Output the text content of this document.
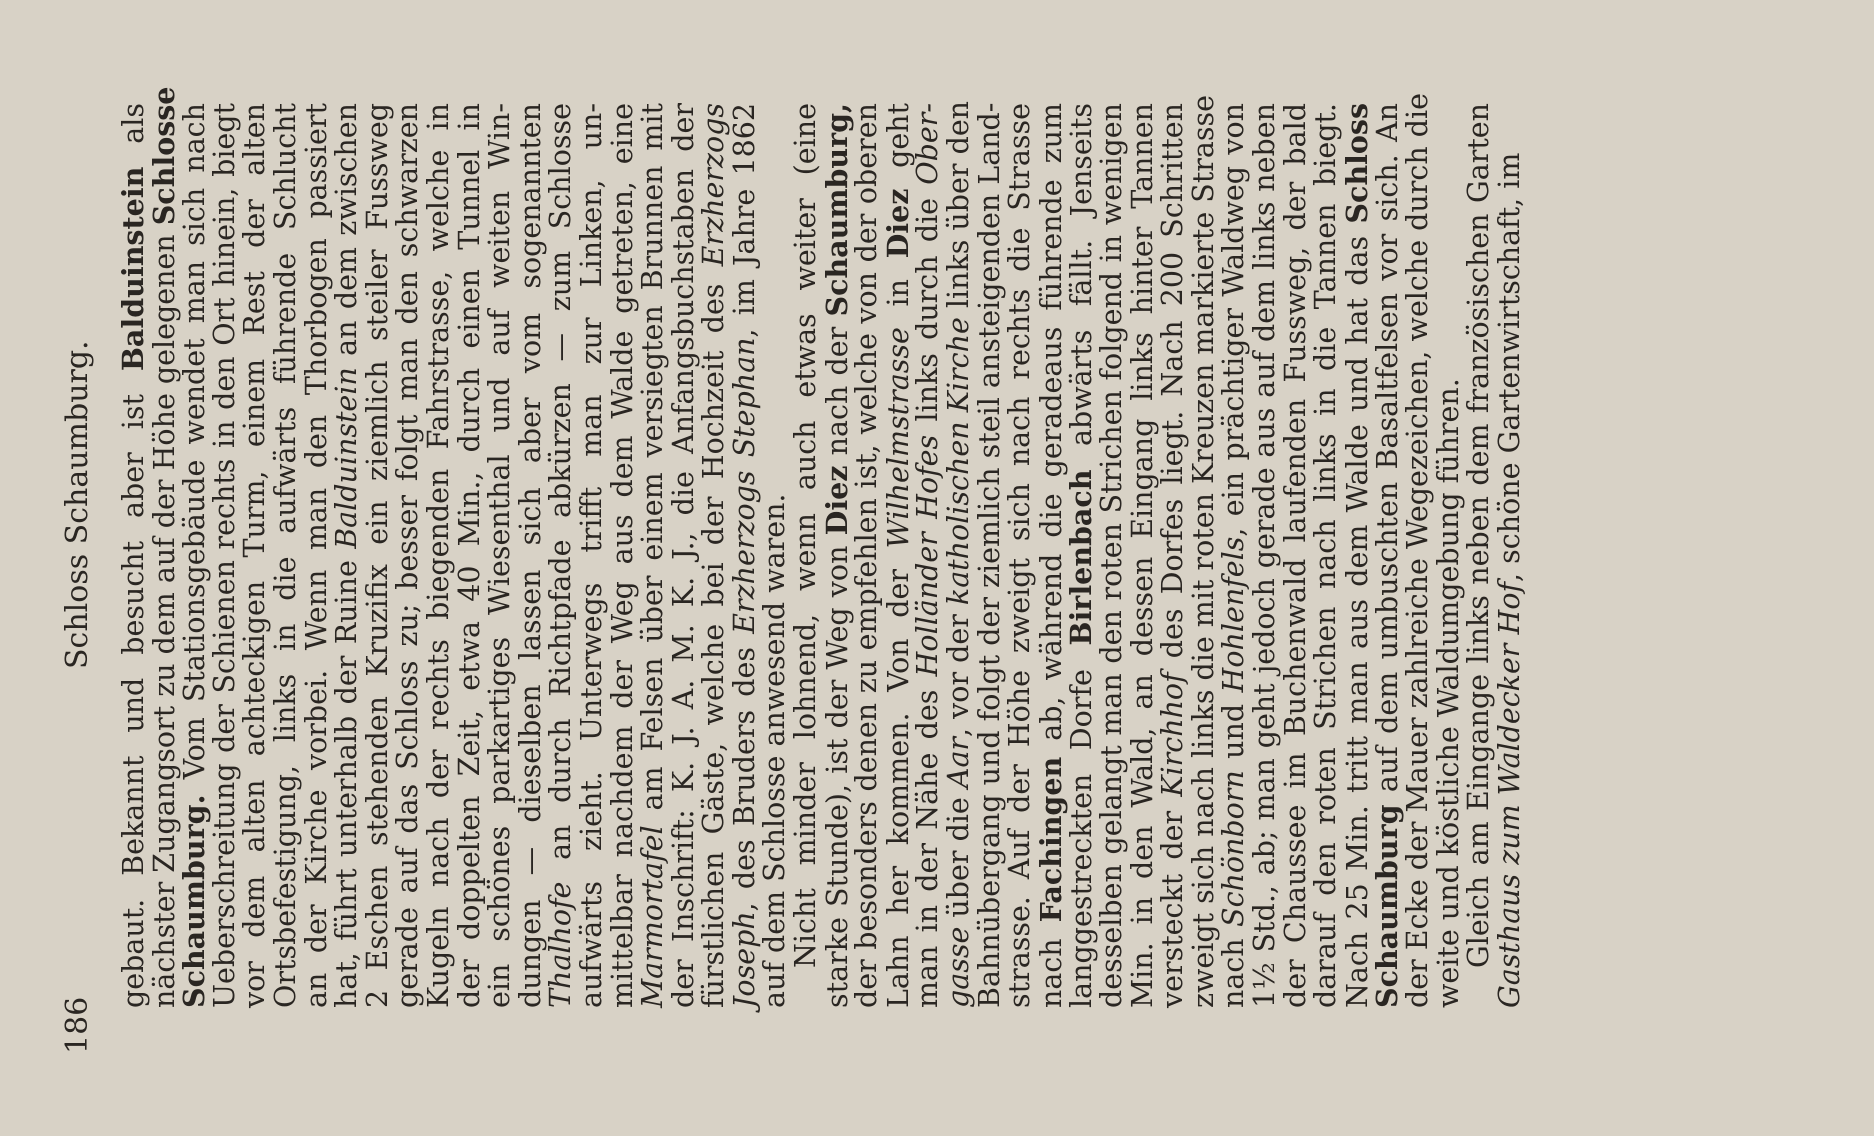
186
Schloss Schaumburg. gebaut. Bekannt und besucht aber ist Balduinstein als
nächster Zugangsort zu dem auf der Höhe gelegenen Schlosse
Schaumburg. Vom Stationsgebäude wendet man sich nach
Ueberschreitung der Schienen rechts in den Ort hinein, biegt
vor dem alten achteckigen Turm, einem Rest der alten
Ortsbefestigung, links in die aufwärts führende Schlucht
an der Kirche vorbei. Wenn man den Thorbogen passiert
hat, führt unterhalb der Ruine Balduinstein an dem zwischen
2 Eschen stehenden Kruzifix ein ziemlich steiler Fussweg
gerade auf das Schloss zu; besser folgt man den schwarzen
Kugeln nach der rechts biegenden Fahrstrasse, welche in
der doppelten Zeit, etwa 40 Min., durch einen Tunnel in
ein schönes parkartiges Wiesenthal und auf weiten Win-
dungen — dieselben lassen sich aber vom sogenannten
Thalhofe an durch Richtpfade abkürzen — zum Schlosse
aufwärts zieht. Unterwegs trifft man zur Linken, un-
mittelbar nachdem der Weg aus dem Walde getreten, eine
Marmortafel am Felsen über einem versiegten Brunnen mit
der Inschrift: K. J. A. M. K. J., die Anfangsbuchstaben der
fürstlichen Gäste, welche bei der Hochzeit des Erzherzogs
Joseph, des Bruders des Erzherzogs Stephan, im Jahre 1862
auf dem Schlosse anwesend waren.
Nicht minder lohnend, wenn auch etwas weiter (eine
starke Stunde), ist der Weg von Diez nach der Schaumburg,
der besonders denen zu empfehlen ist, welche von der oberen
Lahn her kommen. Von der Wilhelmstrasse in Diez geht
man in der Nähe des Holländer Hofes links durch die Ober-
gasse über die Aar, vor der katholischen Kirche links über den
Bahnübergang und folgt der ziemlich steil ansteigenden Land-
strasse. Auf der Höhe zweigt sich nach rechts die Strasse
nach Fachingen ab, während die geradeaus führende zum
langgestreckten Dorfe Birlenbach abwärts fällt. Jenseits
desselben gelangt man den roten Strichen folgend in wenigen
Min. in den Wald, an dessen Eingang links hinter Tannen
versteckt der Kirchhof des Dorfes liegt. Nach 200 Schritten
zweigt sich nach links die mit roten Kreuzen markierte Strasse
nach Schönborn und Hohlenfels, ein prächtiger Waldweg von
1½ Std., ab; man geht jedoch gerade aus auf dem links neben
der Chaussee im Buchenwald laufenden Fussweg, der bald
darauf den roten Strichen nach links in die Tannen biegt.
Nach 25 Min. tritt man aus dem Walde und hat das Schloss
Schaumburg auf dem umbuschten Basaltfelsen vor sich. An
der Ecke der Mauer zahlreiche Wegezeichen, welche durch die
weite und köstliche Waldumgebung führen.
Gleich am Eingange links neben dem französischen Garten
Gasthaus zum Waldecker Hof, schöne Gartenwirtschaft, im
